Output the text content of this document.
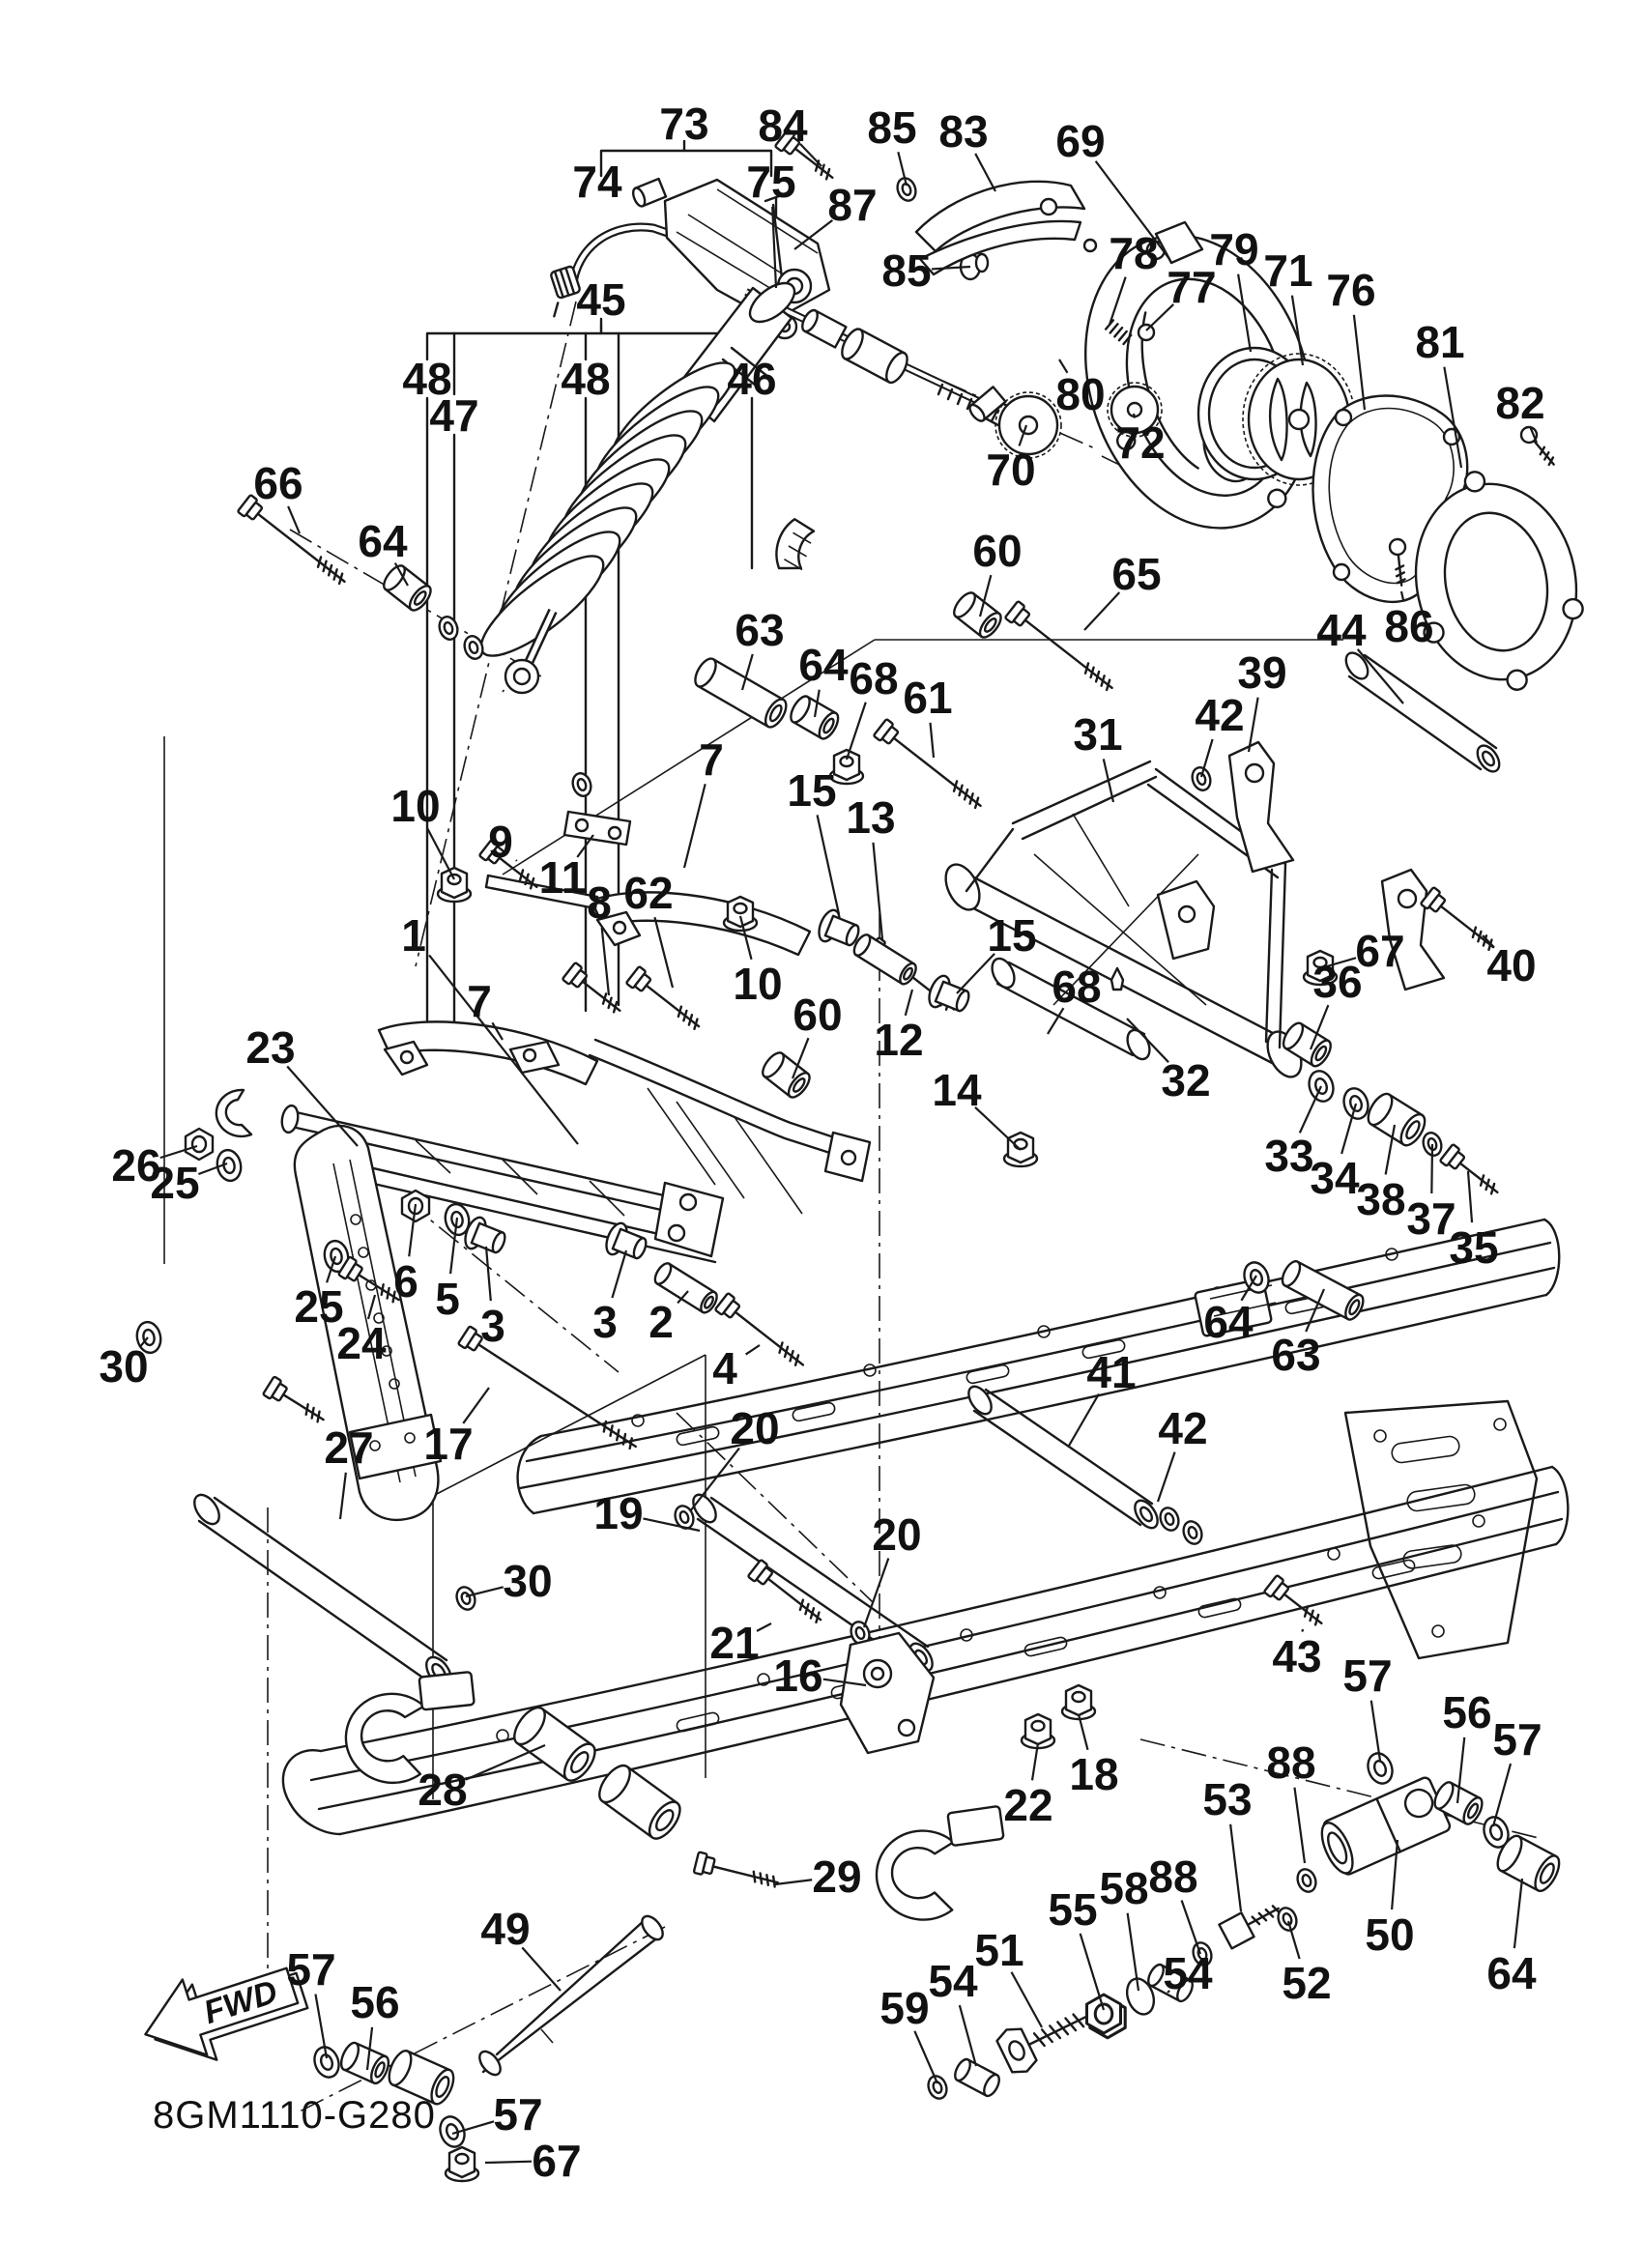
FWD
8GM1110-G280
73 84 85 83 69
74	75 87
85	78
77
79 71 76
81
82
80
70
72
86
45
48
47
48	46
66
64	60 65
44
39
42
31
63
64 68 61
7
15
13
10
9
11 62
8
7	10
1
60 12
15
14
68
32
36
67 40
33
34
38 37
35
23
26
25
25
24
30
6 5
3 3 2
4
17
27	20
19	20
30
21
16
41
42
64
63
43 57
56
57
18
22
28
29
88
53
50
52
88
58
55
54
54
51
59
64
49
57
56
57
67
